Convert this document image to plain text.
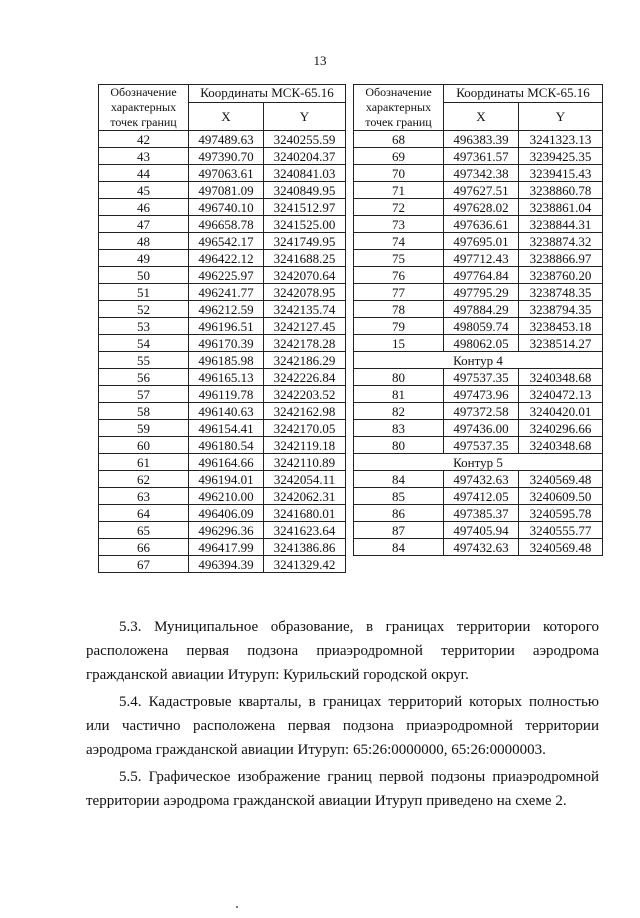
13
Обозначение
характерных
точек границ	Координаты МСК-65.16	
	X	Y
42	497489.63	3240255.59
43	497390.70	3240204.37
44	497063.61	3240841.03
45	497081.09	3240849.95
46	496740.10	3241512.97
47	496658.78	3241525.00
48	496542.17	3241749.95
49	496422.12	3241688.25
50	496225.97	3242070.64
51	496241.77	3242078.95
52	496212.59	3242135.74
53	496196.51	3242127.45
54	496170.39	3242178.28
55	496185.98	3242186.29
56	496165.13	3242226.84
57	496119.78	3242203.52
58	496140.63	3242162.98
59	496154.41	3242170.05
60	496180.54	3242119.18
61	496164.66	3242110.89
62	496194.01	3242054.11
63	496210.00	3242062.31
64	496406.09	3241680.01
65	496296.36	3241623.64
66	496417.99	3241386.86
67	496394.39	3241329.42
Обозначение
характерных
точек границ	Координаты МСК-65.16	
	X	Y
68	496383.39	3241323.13
69	497361.57	3239425.35
70	497342.38	3239415.43
71	497627.51	3238860.78
72	497628.02	3238861.04
73	497636.61	3238844.31
74	497695.01	3238874.32
75	497712.43	3238866.97
76	497764.84	3238760.20
77	497795.29	3238748.35
78	497884.29	3238794.35
79	498059.74	3238453.18
15	498062.05	3238514.27
Контур 4		
80	497537.35	3240348.68
81	497473.96	3240472.13
82	497372.58	3240420.01
83	497436.00	3240296.66
80	497537.35	3240348.68
Контур 5		
84	497432.63	3240569.48
85	497412.05	3240609.50
86	497385.37	3240595.78
87	497405.94	3240555.77
84	497432.63	3240569.48

5.3. Муниципальное образование, в границах территории которого расположена первая подзона приаэродромной территории аэродрома гражданской авиации Итуруп: Курильский городской округ.
5.4. Кадастровые кварталы, в границах территорий которых полностью или частично расположена первая подзона приаэродромной территории аэродрома гражданской авиации Итуруп: 65:26:0000000, 65:26:0000003.
5.5. Графическое изображение границ первой подзоны приаэродромной территории аэродрома гражданской авиации Итуруп приведено на схеме 2.
